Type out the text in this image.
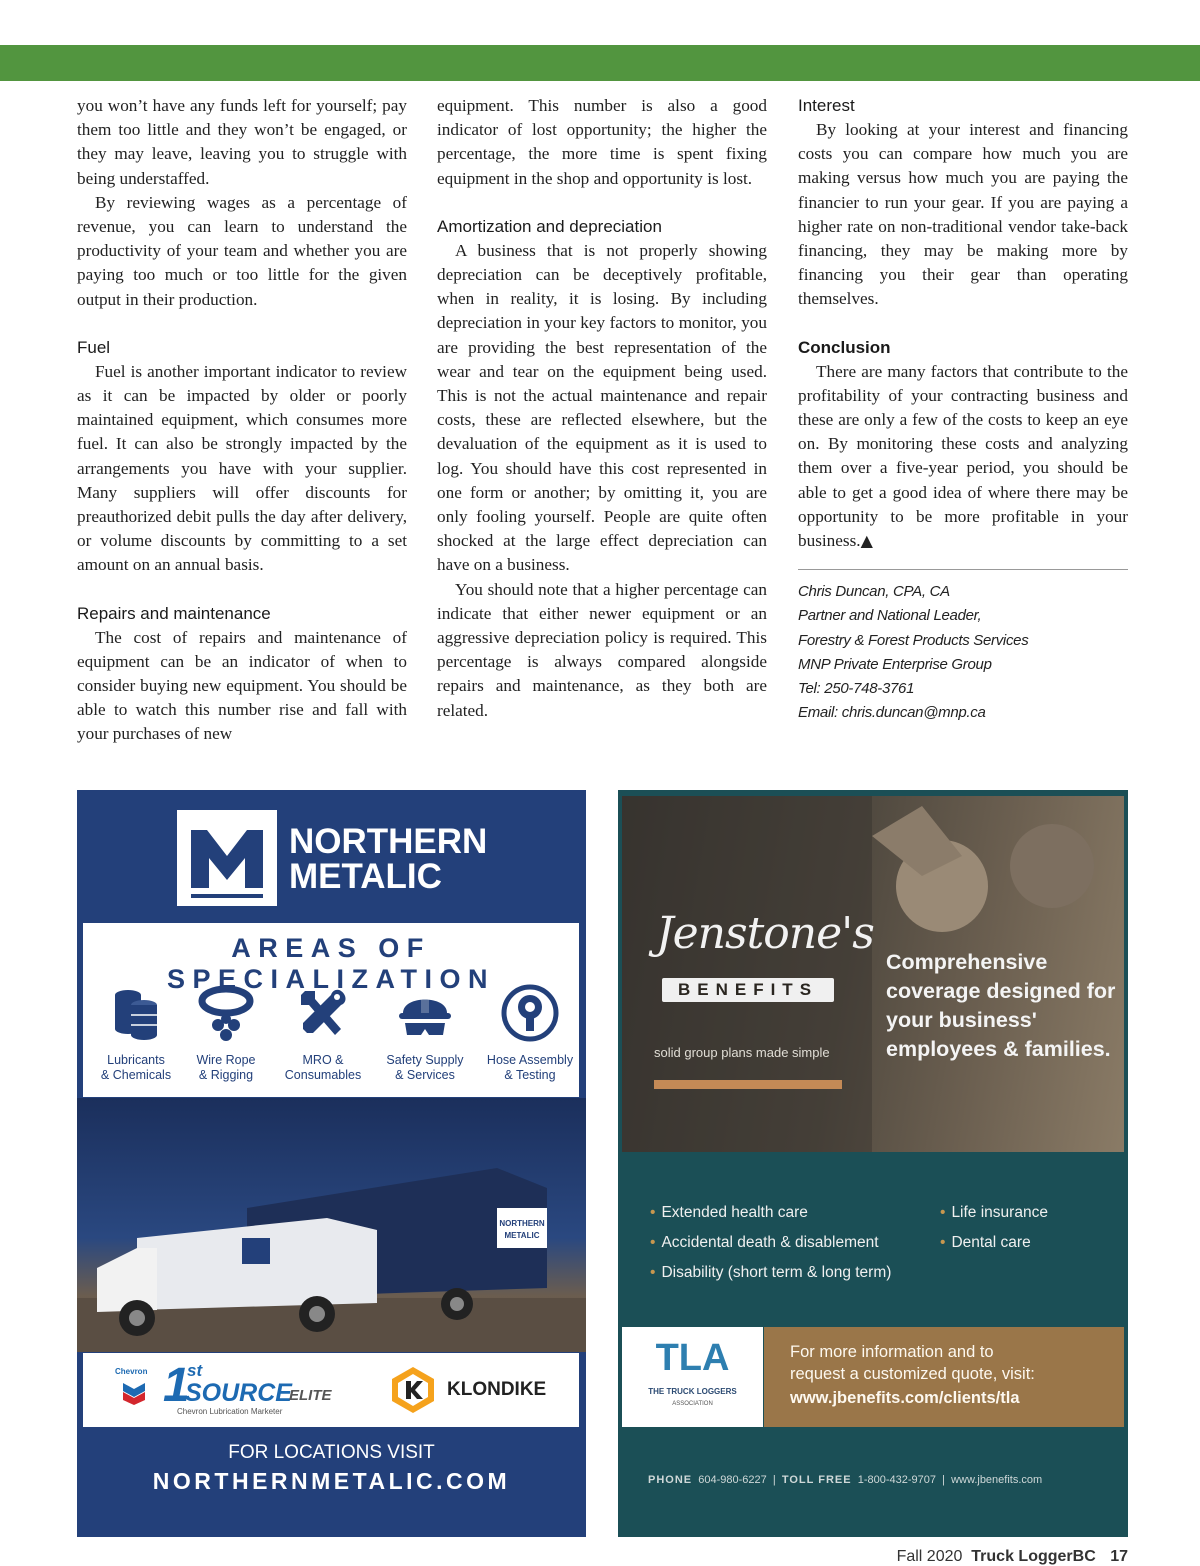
you won’t have any funds left for yourself; pay them too little and they won’t be engaged, or they may leave, leaving you to struggle with being understaffed.

By reviewing wages as a percentage of revenue, you can learn to understand the productivity of your team and whether you are paying too much or too little for the given output in their production.

Fuel

Fuel is another important indicator to review as it can be impacted by older or poorly maintained equipment, which consumes more fuel. It can also be strongly impacted by the arrangements you have with your supplier. Many suppliers will offer discounts for preauthorized debit pulls the day after delivery, or volume discounts by committing to a set amount on an annual basis.

Repairs and maintenance

The cost of repairs and maintenance of equipment can be an indicator of when to consider buying new equipment. You should be able to watch this number rise and fall with your purchases of new

equipment. This number is also a good indicator of lost opportunity; the higher the percentage, the more time is spent fixing equipment in the shop and opportunity is lost.

Amortization and depreciation

A business that is not properly showing depreciation can be deceptively profitable, when in reality, it is losing. By including depreciation in your key factors to monitor, you are providing the best representation of the wear and tear on the equipment being used. This is not the actual maintenance and repair costs, these are reflected elsewhere, but the devaluation of the equipment as it is used to log. You should have this cost represented in one form or another; by omitting it, you are only fooling yourself. People are quite often shocked at the large effect depreciation can have on a business.

You should note that a higher percentage can indicate that either newer equipment or an aggressive depreciation policy is required. This percentage is always compared alongside repairs and maintenance, as they both are related.

Interest

By looking at your interest and financing costs you can compare how much you are making versus how much you are paying the financier to run your gear. If you are paying a higher rate on non-traditional vendor take-back financing, they may be making more by financing you their gear than operating themselves.

Conclusion

There are many factors that contribute to the profitability of your contracting business and these are only a few of the costs to keep an eye on. By monitoring these costs and analyzing them over a five-year period, you should be able to get a good idea of where there may be opportunity to be more profitable in your business.▲

Chris Duncan, CPA, CA
Partner and National Leader,
Forestry & Forest Products Services
MNP Private Enterprise Group
Tel: 250-748-3761
Email: chris.duncan@mnp.ca
NORTHERN
METALIC
AREAS OF SPECIALIZATION
Lubricants
& Chemicals
Wire Rope
& Rigging
MRO &
Consumables
Safety Supply
& Services
Hose Assembly
& Testing
NORTHERN
METALIC
Chevron 1
st
SOURCE
ELITE
Chevron Lubrication Marketer
KLONDIKE
FOR LOCATIONS VISIT
NORTHERNMETALIC.COM
Jenstone's
BENEFITS
solid group plans made simple
Comprehensive coverage designed for your business' employees & families.
• Extended health care
• Accidental death & disablement
• Disability (short term & long term)
• Life insurance
• Dental care
TLA
THE TRUCK LOGGERS
ASSOCIATION

For more information and to

request a customized quote, visit:

www.jbenefits.com/clients/tla

PHONE 604-980-6227  |  TOLL FREE 1-800-432-9707  |  www.jbenefits.com
Fall 2020 Truck LoggerBC 17
